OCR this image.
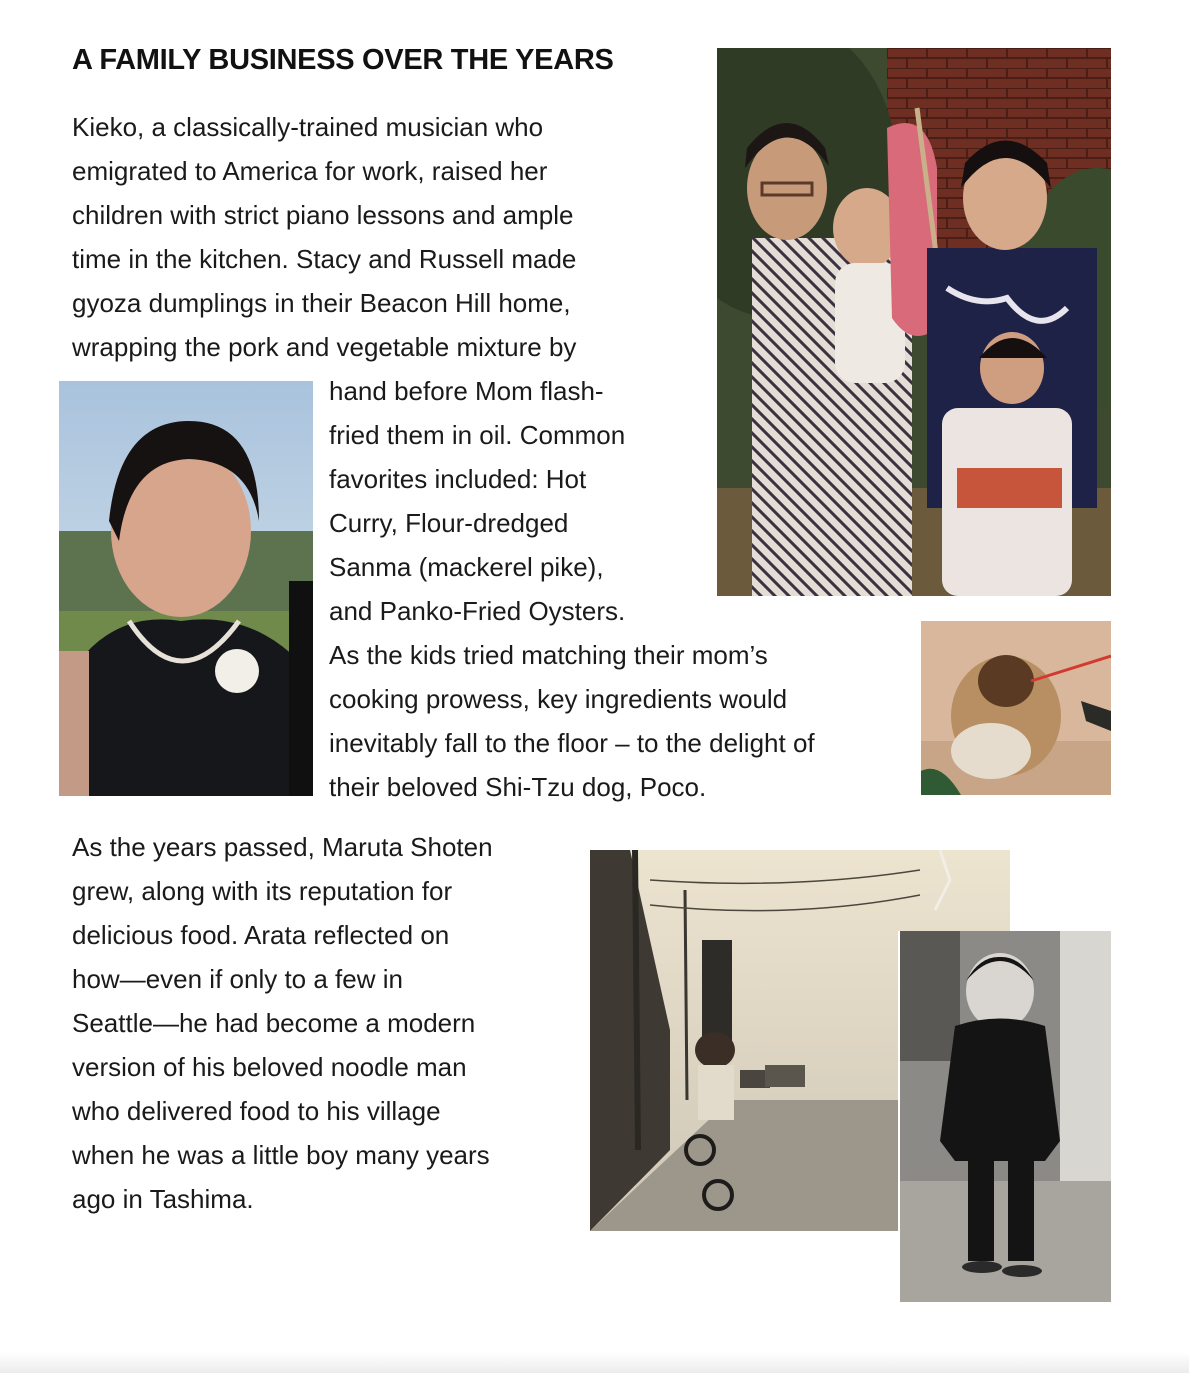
A FAMILY BUSINESS OVER THE YEARS
Kieko, a classically-trained musician who
emigrated to America for work, raised her
children with strict piano lessons and ample
time in the kitchen. Stacy and Russell made
gyoza dumplings in their Beacon Hill home,
wrapping the pork and vegetable mixture by
hand before Mom flash-
fried them in oil. Common
favorites included: Hot
Curry, Flour-dredged
Sanma (mackerel pike),
and Panko-Fried Oysters.
As the kids tried matching their mom’s
cooking prowess, key ingredients would
inevitably fall to the floor – to the delight of
their beloved Shi-Tzu dog, Poco.
As the years passed, Maruta Shoten
grew, along with its reputation for
delicious food. Arata reflected on
how—even if only to a few in
Seattle—he had become a modern
version of his beloved noodle man
who delivered food to his village
when he was a little boy many years
ago in Tashima.
